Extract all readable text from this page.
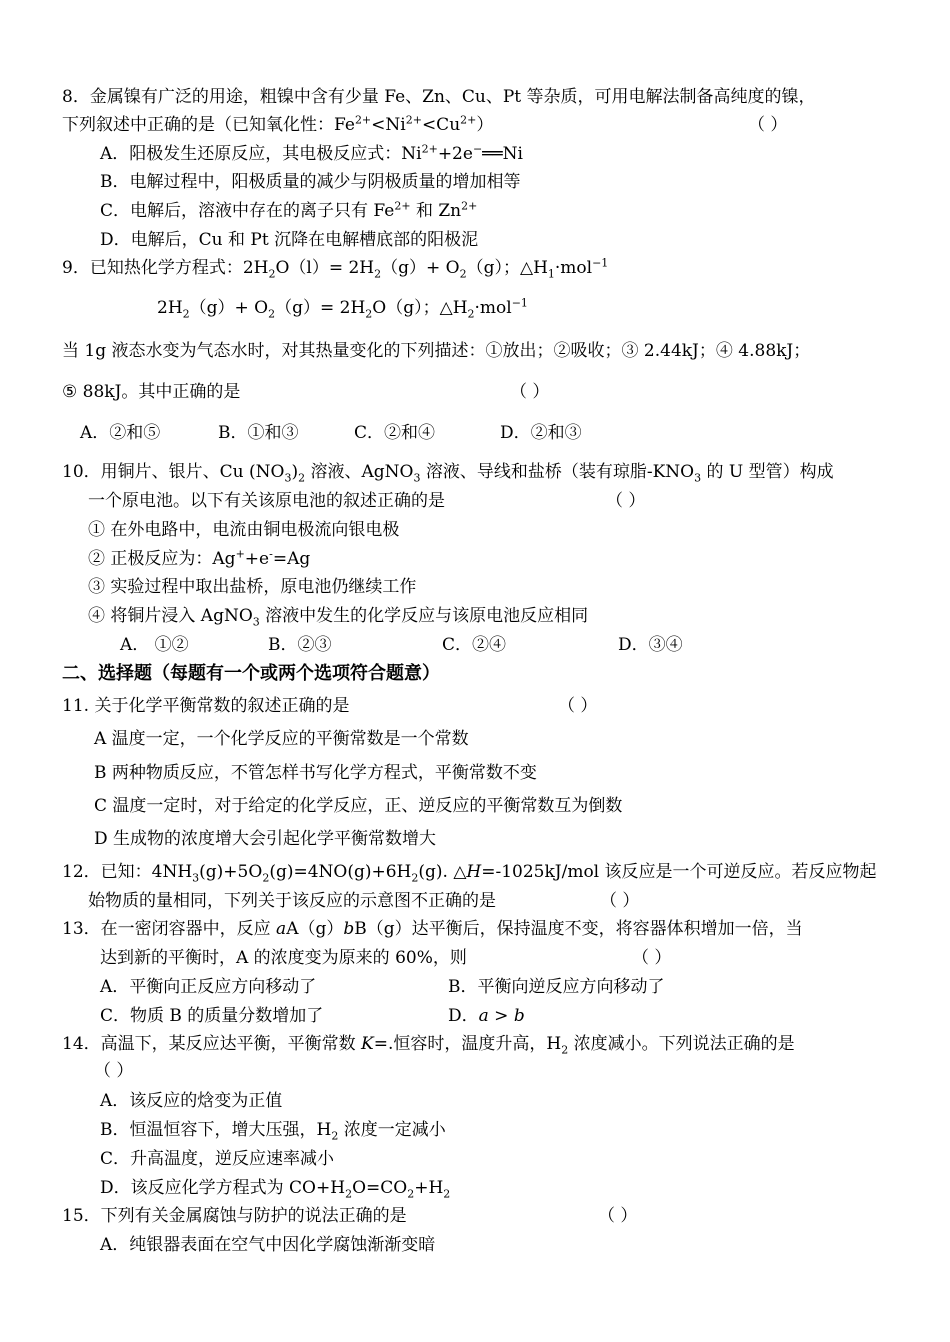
8．金属镍有广泛的用途，粗镍中含有少量 Fe、Zn、Cu、Pt 等杂质，可用电解法制备高纯度的镍，
下列叙述中正确的是（已知氧化性：$Fe^{2+}<Ni^{2+}<Cu^{2+}$）	（ ）
A．阳极发生还原反应，其电极反应式：$Ni^{2+}+2e^-══Ni$
B．电解过程中，阳极质量的减少与阴极质量的增加相等
C．电解后，溶液中存在的离子只有 $Fe^{2+}$ 和 $Zn^{2+}$
D．电解后，Cu 和 Pt 沉降在电解槽底部的阳极泥
9．已知热化学方程式：$2H_2O(l)= 2H_2(g)+ O_2(g)$；$\triangle H_1\cdot mol^{-1}$
$2H_2(g)+ O_2(g)= 2H_2O(g)$；$\triangle H_2\cdot mol^{-1}$
当 1g 液态水变为气态水时，对其热量变化的下列描述：①放出；②吸收；③ 2.44kJ；④ 4.88kJ；
⑤ 88kJ。其中正确的是	（ ）
A．②和⑤	B．①和③	C．②和④	D．②和③
10．用铜片、银片、Cu $(NO_3)_2$ 溶液、AgNO$_3$ 溶液、导线和盐桥（装有琼脂$-KNO_3$ 的 U 型管）构成
一个原电池。以下有关该原电池的叙述正确的是	（ ）
① 在外电路中，电流由铜电极流向银电极
② 正极反应为：Ag++e-=Ag
③ 实验过程中取出盐桥，原电池仍继续工作
④ 将铜片浸入 AgNO$_3$ 溶液中发生的化学反应与该原电池反应相同
A． ①②	B．②③	C．②④	D．③④
二、选择题（每题有一个或两个选项符合题意）
11. 关于化学平衡常数的叙述正确的是	（ ）
A 温度一定，一个化学反应的平衡常数是一个常数
B 两种物质反应，不管怎样书写化学方程式，平衡常数不变
C 温度一定时，对于给定的化学反应，正、逆反应的平衡常数互为倒数
D 生成物的浓度增大会引起化学平衡常数增大
12．已知：$4NH_3(g)+5O_2(g)=4NO(g)+6H_2(g)$. △H=-1025kJ/mol 该反应是一个可逆反应。若反应物起
始物质的量相同，下列关于该反应的示意图不正确的是	（ ）
13．在一密闭容器中，反应 aA（g）bB（g）达平衡后，保持温度不变，将容器体积增加一倍，当
达到新的平衡时，A 的浓度变为原来的 60%，则	（ ）
A．平衡向正反应方向移动了	B．平衡向逆反应方向移动了
C．物质 B 的质量分数增加了	D．a > b
14．高温下，某反应达平衡，平衡常数 K=.恒容时，温度升高，$H_2$ 浓度减小。下列说法正确的是
（ ）
A．该反应的焓变为正值
B．恒温恒容下，增大压强，$H_2$ 浓度一定减小
C．升高温度，逆反应速率减小
D．该反应化学方程式为 $CO+H_2O=CO_2+H_2$
15．下列有关金属腐蚀与防护的说法正确的是	（ ）
A．纯银器表面在空气中因化学腐蚀渐渐变暗
